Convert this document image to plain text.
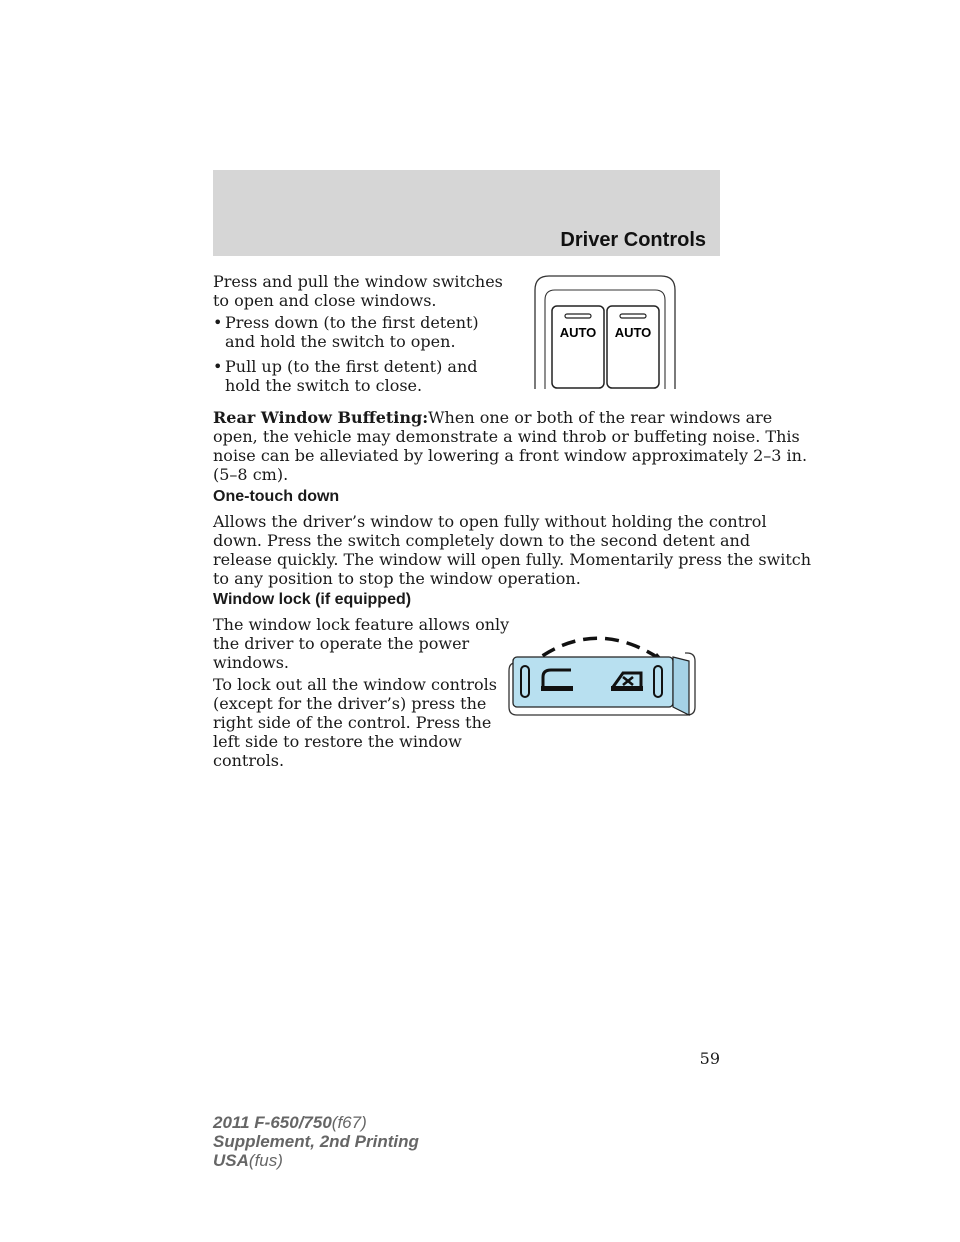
Driver Controls

Press and pull the window switches
to open and close windows.

• Press down (to the first detent)
and hold the switch to open.
• Pull up (to the first detent) and
hold the switch to close.
AUTO AUTO

Rear Window Buffeting:When one or both of the rear windows are
open, the vehicle may demonstrate a wind throb or buffeting noise. This
noise can be alleviated by lowering a front window approximately 2–3 in.
(5–8 cm).

One-touch down

Allows the driver’s window to open fully without holding the control
down. Press the switch completely down to the second detent and
release quickly. The window will open fully. Momentarily press the switch
to any position to stop the window operation.

Window lock (if equipped)

The window lock feature allows only
the driver to operate the power
windows.

To lock out all the window controls
(except for the driver’s) press the
right side of the control. Press the
left side to restore the window
controls.

59
2011 F-650/750(f67)
Supplement, 2nd Printing
USA(fus)
